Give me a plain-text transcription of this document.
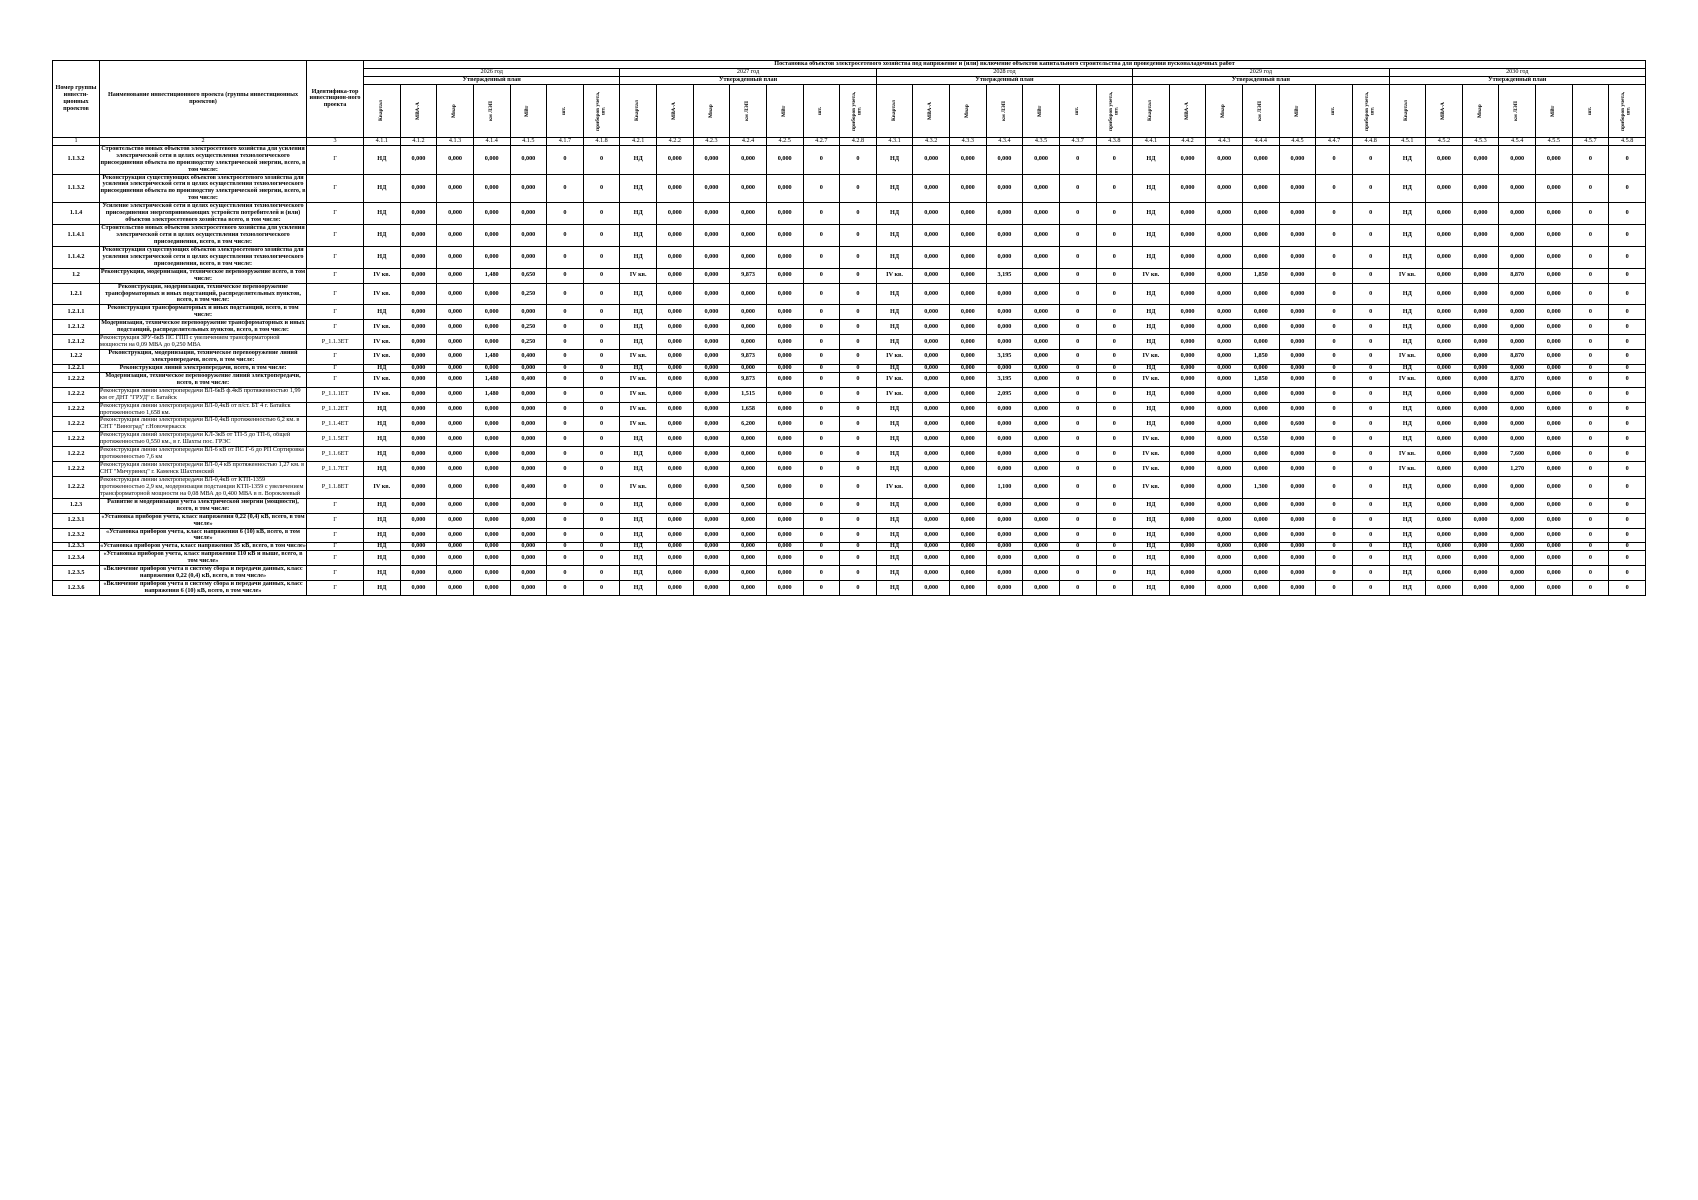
Номер группы инвести-ционных проектов	Наименование инвестиционного проекта (группы инвестиционных проектов)	Идентифика-тор инвестицион-ного проекта	Постановка объектов электросетевого хозяйства под напряжение и (или) включение объектов капитального строительства для проведения пусконаладочных работ																																		
			2026 год							2027 год							2028 год							2029 год							2030 год						
			Утвержденный план							Утвержденный план							Утвержденный план							Утвержденный план							Утвержденный план						

			Квартал	МВА-А	Мвар	км ЛЭП	МВт	шт.	приборов учета, шт.	Квартал	МВА-А	Мвар	км ЛЭП	МВт	шт.	приборов учета, шт.	Квартал	МВА-А	Мвар	км ЛЭП	МВт	шт.	приборов учета, шт.	Квартал	МВА-А	Мвар	км ЛЭП	МВт	шт.	приборов учета, шт.	Квартал	МВА-А	Мвар	км ЛЭП	МВт	шт.	приборов учета, шт.

1	2	3	4.1.1	4.1.2	4.1.3	4.1.4	4.1.5	4.1.7	4.1.8	4.2.1	4.2.2	4.2.3	4.2.4	4.2.5	4.2.7	4.2.8	4.3.1	4.3.2	4.3.3	4.3.4	4.3.5	4.3.7	4.3.8	4.4.1	4.4.2	4.4.3	4.4.4	4.4.5	4.4.7	4.4.8	4.5.1	4.5.2	4.5.3	4.5.4	4.5.5	4.5.7	4.5.8
1.1.3.2	Строительство новых объектов электросетевого хозяйства для усиления электрической сети в целях осуществления технологического присоединения объекта по производству электрической энергии, всего, в том числе:	Г	НД	0,000	0,000	0,000	0,000	0	0	НД	0,000	0,000	0,000	0,000	0	0	НД	0,000	0,000	0,000	0,000	0	0	НД	0,000	0,000	0,000	0,000	0	0	НД	0,000	0,000	0,000	0,000	0	0
1.1.3.2	Реконструкция существующих объектов электросетевого хозяйства для усиления электрической сети в целях осуществления технологического присоединения объекта по производству электрической энергии, всего, в том числе:	Г	НД	0,000	0,000	0,000	0,000	0	0	НД	0,000	0,000	0,000	0,000	0	0	НД	0,000	0,000	0,000	0,000	0	0	НД	0,000	0,000	0,000	0,000	0	0	НД	0,000	0,000	0,000	0,000	0	0
1.1.4	Усиление электрической сети в целях осуществления технологического присоединения энергопринимающих устройств потребителей и (или) объектов электросетевого хозяйства всего, в том числе:	Г	НД	0,000	0,000	0,000	0,000	0	0	НД	0,000	0,000	0,000	0,000	0	0	НД	0,000	0,000	0,000	0,000	0	0	НД	0,000	0,000	0,000	0,000	0	0	НД	0,000	0,000	0,000	0,000	0	0
1.1.4.1	Строительство новых объектов электросетевого хозяйства для усиления электрической сети в целях осуществления технологического присоединения, всего, в том числе:	Г	НД	0,000	0,000	0,000	0,000	0	0	НД	0,000	0,000	0,000	0,000	0	0	НД	0,000	0,000	0,000	0,000	0	0	НД	0,000	0,000	0,000	0,000	0	0	НД	0,000	0,000	0,000	0,000	0	0
1.1.4.2	Реконструкция существующих объектов электросетевого хозяйства для усиления электрической сети в целях осуществления технологического присоединения, всего, в том числе:	Г	НД	0,000	0,000	0,000	0,000	0	0	НД	0,000	0,000	0,000	0,000	0	0	НД	0,000	0,000	0,000	0,000	0	0	НД	0,000	0,000	0,000	0,000	0	0	НД	0,000	0,000	0,000	0,000	0	0
1.2	Реконструкция, модернизация, техническое перевооружение всего, в том числе:	Г	IV кв.	0,000	0,000	1,480	0,650	0	0	IV кв.	0,000	0,000	9,873	0,000	0	0	IV кв.	0,000	0,000	3,195	0,000	0	0	IV кв.	0,000	0,000	1,850	0,000	0	0	IV кв.	0,000	0,000	8,870	0,000	0	0
1.2.1	Реконструкция, модернизация, техническое перевооружение трансформаторных и иных подстанций, распределительных пунктов, всего, в том числе:	Г	IV кв.	0,000	0,000	0,000	0,250	0	0	НД	0,000	0,000	0,000	0,000	0	0	НД	0,000	0,000	0,000	0,000	0	0	НД	0,000	0,000	0,000	0,000	0	0	НД	0,000	0,000	0,000	0,000	0	0
1.2.1.1	Реконструкция трансформаторных и иных подстанций, всего, в том числе:	Г	НД	0,000	0,000	0,000	0,000	0	0	НД	0,000	0,000	0,000	0,000	0	0	НД	0,000	0,000	0,000	0,000	0	0	НД	0,000	0,000	0,000	0,000	0	0	НД	0,000	0,000	0,000	0,000	0	0
1.2.1.2	Модернизация, техническое перевооружение трансформаторных и иных подстанций, распределительных пунктов, всего, в том числе:	Г	IV кв.	0,000	0,000	0,000	0,250	0	0	НД	0,000	0,000	0,000	0,000	0	0	НД	0,000	0,000	0,000	0,000	0	0	НД	0,000	0,000	0,000	0,000	0	0	НД	0,000	0,000	0,000	0,000	0	0
1.2.1.2	Реконструкция ЗРУ-6кВ ПС ГПП с увеличением трансформаторной мощности на 0,09 МВА до 0,250 МВА	Р_1.1.3ЕТ	IV кв.	0,000	0,000	0,000	0,250	0	0	НД	0,000	0,000	0,000	0,000	0	0	НД	0,000	0,000	0,000	0,000	0	0	НД	0,000	0,000	0,000	0,000	0	0	НД	0,000	0,000	0,000	0,000	0	0
1.2.2	Реконструкция, модернизация, техническое перевооружение линий электропередачи, всего, в том числе:	Г	IV кв.	0,000	0,000	1,480	0,400	0	0	IV кв.	0,000	0,000	9,873	0,000	0	0	IV кв.	0,000	0,000	3,195	0,000	0	0	IV кв.	0,000	0,000	1,850	0,000	0	0	IV кв.	0,000	0,000	8,870	0,000	0	0
1.2.2.1	Реконструкция линий электропередачи, всего, в том числе:	Г	НД	0,000	0,000	0,000	0,000	0	0	НД	0,000	0,000	0,000	0,000	0	0	НД	0,000	0,000	0,000	0,000	0	0	НД	0,000	0,000	0,000	0,000	0	0	НД	0,000	0,000	0,000	0,000	0	0
1.2.2.2	Модернизация, техническое перевооружение линий электропередачи, всего, в том числе:	Г	IV кв.	0,000	0,000	1,480	0,400	0	0	IV кв.	0,000	0,000	9,873	0,000	0	0	IV кв.	0,000	0,000	3,195	0,000	0	0	IV кв.	0,000	0,000	1,850	0,000	0	0	IV кв.	0,000	0,000	8,870	0,000	0	0
1.2.2.2	Реконструкция линии электропередачи ВЛ-6кВ ф.4кВ протяженностью 1,99 км от ДНТ "ГРУД" г. Батайск	Р_1.1.1ЕТ	IV кв.	0,000	0,000	1,480	0,000	0	0	IV кв.	0,000	0,000	1,515	0,000	0	0	IV кв.	0,000	0,000	2,095	0,000	0	0	НД	0,000	0,000	0,000	0,000	0	0	НД	0,000	0,000	0,000	0,000	0	0
1.2.2.2	Реконструкция линии электропередачи ВЛ-0,4кВ от п/ст. БТ 4 г. Батайск протяженностью 1,658 км.	Р_1.1.2ЕТ	НД	0,000	0,000	0,000	0,000	0	0	IV кв.	0,000	0,000	1,658	0,000	0	0	НД	0,000	0,000	0,000	0,000	0	0	НД	0,000	0,000	0,000	0,000	0	0	НД	0,000	0,000	0,000	0,000	0	0
1.2.2.2	Реконструкция линии электропередачи ВЛ-0,4кВ протяженностью 6,2 км. в СНТ "Виноград" г.Новочеркасск	Р_1.1.4ЕТ	НД	0,000	0,000	0,000	0,000	0	0	IV кв.	0,000	0,000	6,200	0,000	0	0	НД	0,000	0,000	0,000	0,000	0	0	НД	0,000	0,000	0,000	0,600	0	0	НД	0,000	0,000	0,000	0,000	0	0
1.2.2.2	Реконструкция линий электропередачи КЛ-3кВ от ТП-5 до ТП-6, общей протяженностью 0,550 км., в г. Шахты пос. ГРЭС	Р_1.1.5ЕТ	НД	0,000	0,000	0,000	0,000	0	0	НД	0,000	0,000	0,000	0,000	0	0	НД	0,000	0,000	0,000	0,000	0	0	IV кв.	0,000	0,000	0,550	0,000	0	0	НД	0,000	0,000	0,000	0,000	0	0
1.2.2.2	Реконструкция линии электропередачи ВЛ-6 кВ от ПС Г-6 до РП Сортировка протяженностью 7,6 км	Р_1.1.6ЕТ	НД	0,000	0,000	0,000	0,000	0	0	НД	0,000	0,000	0,000	0,000	0	0	НД	0,000	0,000	0,000	0,000	0	0	IV кв.	0,000	0,000	0,000	0,000	0	0	IV кв.	0,000	0,000	7,600	0,000	0	0
1.2.2.2	Реконструкция линии электропередачи ВЛ-0,4 кВ протяженностью 1,27 км. в СНТ "Мичуринец" г. Каменск Шахтинский	Р_1.1.7ЕТ	НД	0,000	0,000	0,000	0,000	0	0	НД	0,000	0,000	0,000	0,000	0	0	НД	0,000	0,000	0,000	0,000	0	0	IV кв.	0,000	0,000	0,000	0,000	0	0	IV кв.	0,000	0,000	1,270	0,000	0	0
1.2.2.2	Реконструкция линии электропередачи ВЛ-0,4кВ от КТП-1359 протяженностью 2,9 км, модернизация подстанции КТП-1359 с увеличением трансформаторной мощности на 0,08 МВА до 0,400 МВА в п. Вороклеевый	Р_1.1.8ЕТ	IV кв.	0,000	0,000	0,000	0,400	0	0	IV кв.	0,000	0,000	0,500	0,000	0	0	IV кв.	0,000	0,000	1,100	0,000	0	0	IV кв.	0,000	0,000	1,300	0,000	0	0	НД	0,000	0,000	0,000	0,000	0	0
1.2.3	Развитие и модернизация учета электрической энергии (мощности), всего, в том числе:	Г	НД	0,000	0,000	0,000	0,000	0	0	НД	0,000	0,000	0,000	0,000	0	0	НД	0,000	0,000	0,000	0,000	0	0	НД	0,000	0,000	0,000	0,000	0	0	НД	0,000	0,000	0,000	0,000	0	0
1.2.3.1	«Установка приборов учета, класс напряжения 0,22 (0,4) кВ, всего, в том числе»	Г	НД	0,000	0,000	0,000	0,000	0	0	НД	0,000	0,000	0,000	0,000	0	0	НД	0,000	0,000	0,000	0,000	0	0	НД	0,000	0,000	0,000	0,000	0	0	НД	0,000	0,000	0,000	0,000	0	0
1.2.3.2	«Установка приборов учета, класс напряжения 6 (10) кВ, всего, в том числе»	Г	НД	0,000	0,000	0,000	0,000	0	0	НД	0,000	0,000	0,000	0,000	0	0	НД	0,000	0,000	0,000	0,000	0	0	НД	0,000	0,000	0,000	0,000	0	0	НД	0,000	0,000	0,000	0,000	0	0
1.2.3.3	«Установка приборов учета, класс напряжения 35 кВ, всего, в том числе»	Г	НД	0,000	0,000	0,000	0,000	0	0	НД	0,000	0,000	0,000	0,000	0	0	НД	0,000	0,000	0,000	0,000	0	0	НД	0,000	0,000	0,000	0,000	0	0	НД	0,000	0,000	0,000	0,000	0	0
1.2.3.4	«Установка приборов учета, класс напряжения 110 кВ и выше, всего, в том числе»	Г	НД	0,000	0,000	0,000	0,000	0	0	НД	0,000	0,000	0,000	0,000	0	0	НД	0,000	0,000	0,000	0,000	0	0	НД	0,000	0,000	0,000	0,000	0	0	НД	0,000	0,000	0,000	0,000	0	0
1.2.3.5	«Включение приборов учета в систему сбора и передачи данных, класс напряжения 0,22 (0,4) кВ, всего, в том числе»	Г	НД	0,000	0,000	0,000	0,000	0	0	НД	0,000	0,000	0,000	0,000	0	0	НД	0,000	0,000	0,000	0,000	0	0	НД	0,000	0,000	0,000	0,000	0	0	НД	0,000	0,000	0,000	0,000	0	0
1.2.3.6	«Включение приборов учета в систему сбора и передачи данных, класс напряжения 6 (10) кВ, всего, в том числе»	Г	НД	0,000	0,000	0,000	0,000	0	0	НД	0,000	0,000	0,000	0,000	0	0	НД	0,000	0,000	0,000	0,000	0	0	НД	0,000	0,000	0,000	0,000	0	0	НД	0,000	0,000	0,000	0,000	0	0
